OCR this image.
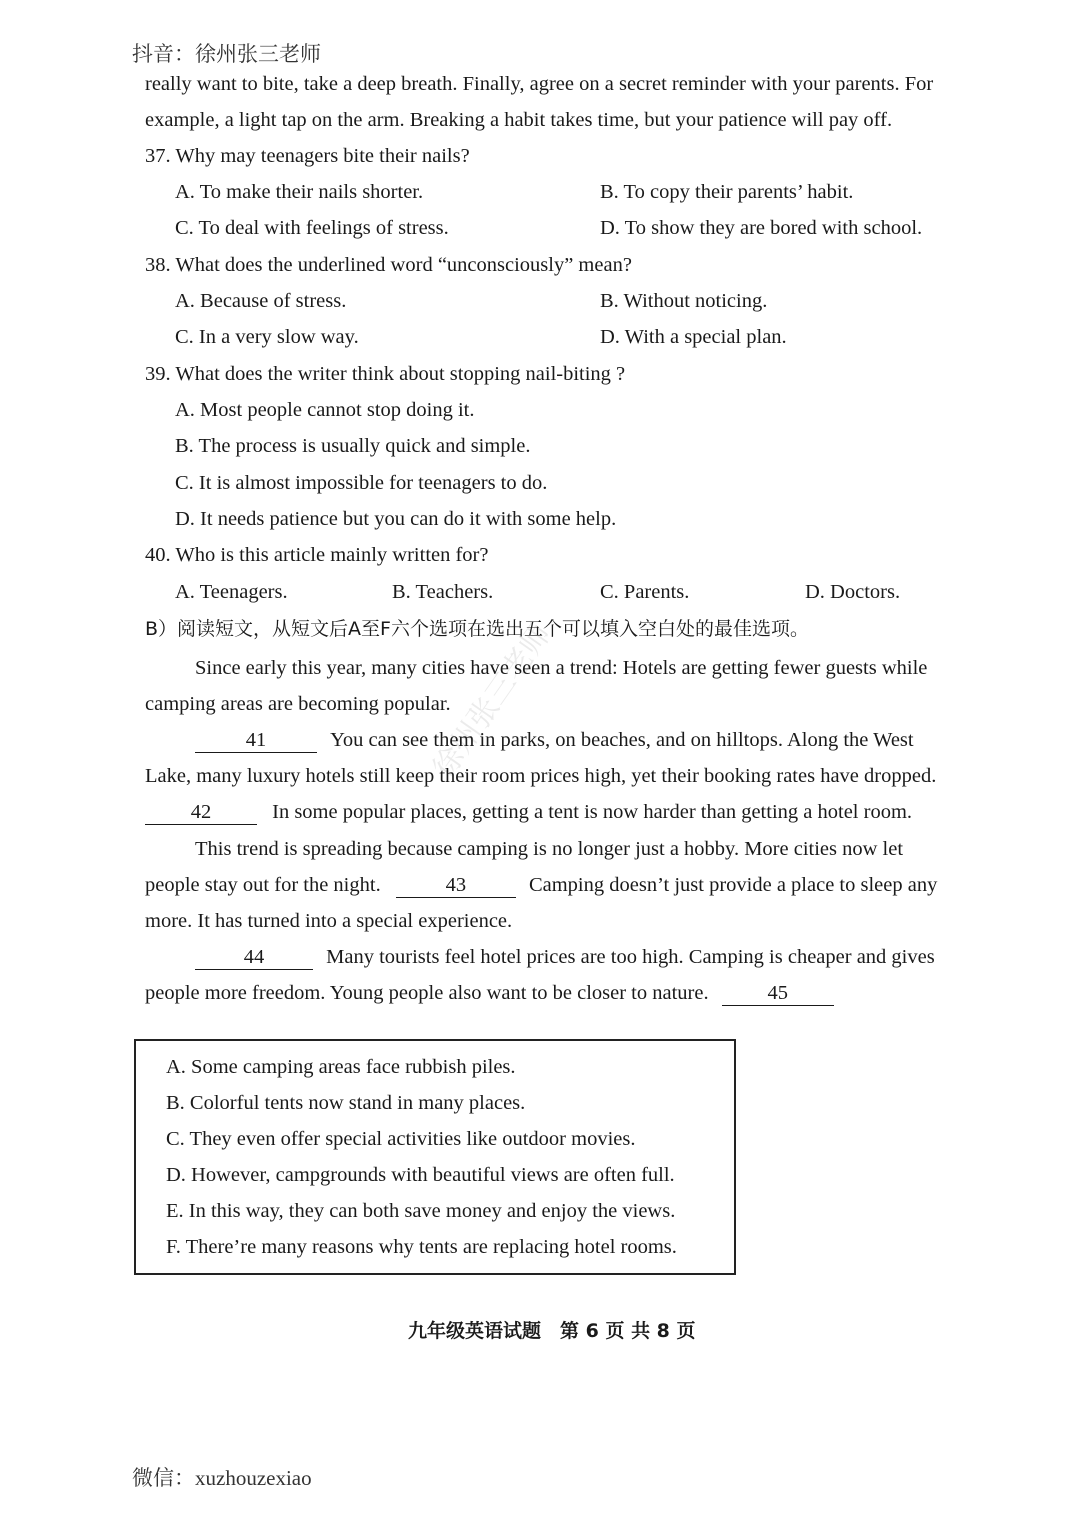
抖音：徐州张三老师
徐州张三老师
really want to bite, take a deep breath. Finally, agree on a secret reminder with your parents. For
example, a light tap on the arm. Breaking a habit takes time, but your patience will pay off.
37. Why may teenagers bite their nails?
A. To make their nails shorter.	B. To copy their parents’ habit.
C. To deal with feelings of stress.	D. To show they are bored with school.
38. What does the underlined word “unconsciously” mean?
A. Because of stress.	B. Without noticing.
C. In a very slow way.	D. With a special plan.
39. What does the writer think about stopping nail-biting ?
A. Most people cannot stop doing it.
B. The process is usually quick and simple.
C. It is almost impossible for teenagers to do.
D. It needs patience but you can do it with some help.
40. Who is this article mainly written for?
A. Teenagers.	B. Teachers.	C. Parents.	D. Doctors.
B）阅读短文，从短文后A至F六个选项在选出五个可以填入空白处的最佳选项。
Since early this year, many cities have seen a trend: Hotels are getting fewer guests while
camping areas are becoming popular.
41	You can see them in parks, on beaches, and on hilltops. Along the West
Lake, many luxury hotels still keep their room prices high, yet their booking rates have dropped.
42	In some popular places, getting a tent is now harder than getting a hotel room.
This trend is spreading because camping is no longer just a hobby. More cities now let
people stay out for the night.	43	Camping doesn’t just provide a place to sleep any
more. It has turned into a special experience.
44	Many tourists feel hotel prices are too high. Camping is cheaper and gives
people more freedom. Young people also want to be closer to nature.	45
A. Some camping areas face rubbish piles.
B. Colorful tents now stand in many places.
C. They even offer special activities like outdoor movies.
D. However, campgrounds with beautiful views are often full.
E. In this way, they can both save money and enjoy the views.
F. There’re many reasons why tents are replacing hotel rooms.
九年级英语试题　第 6 页 共 8 页
微信：xuzhouzexiao
